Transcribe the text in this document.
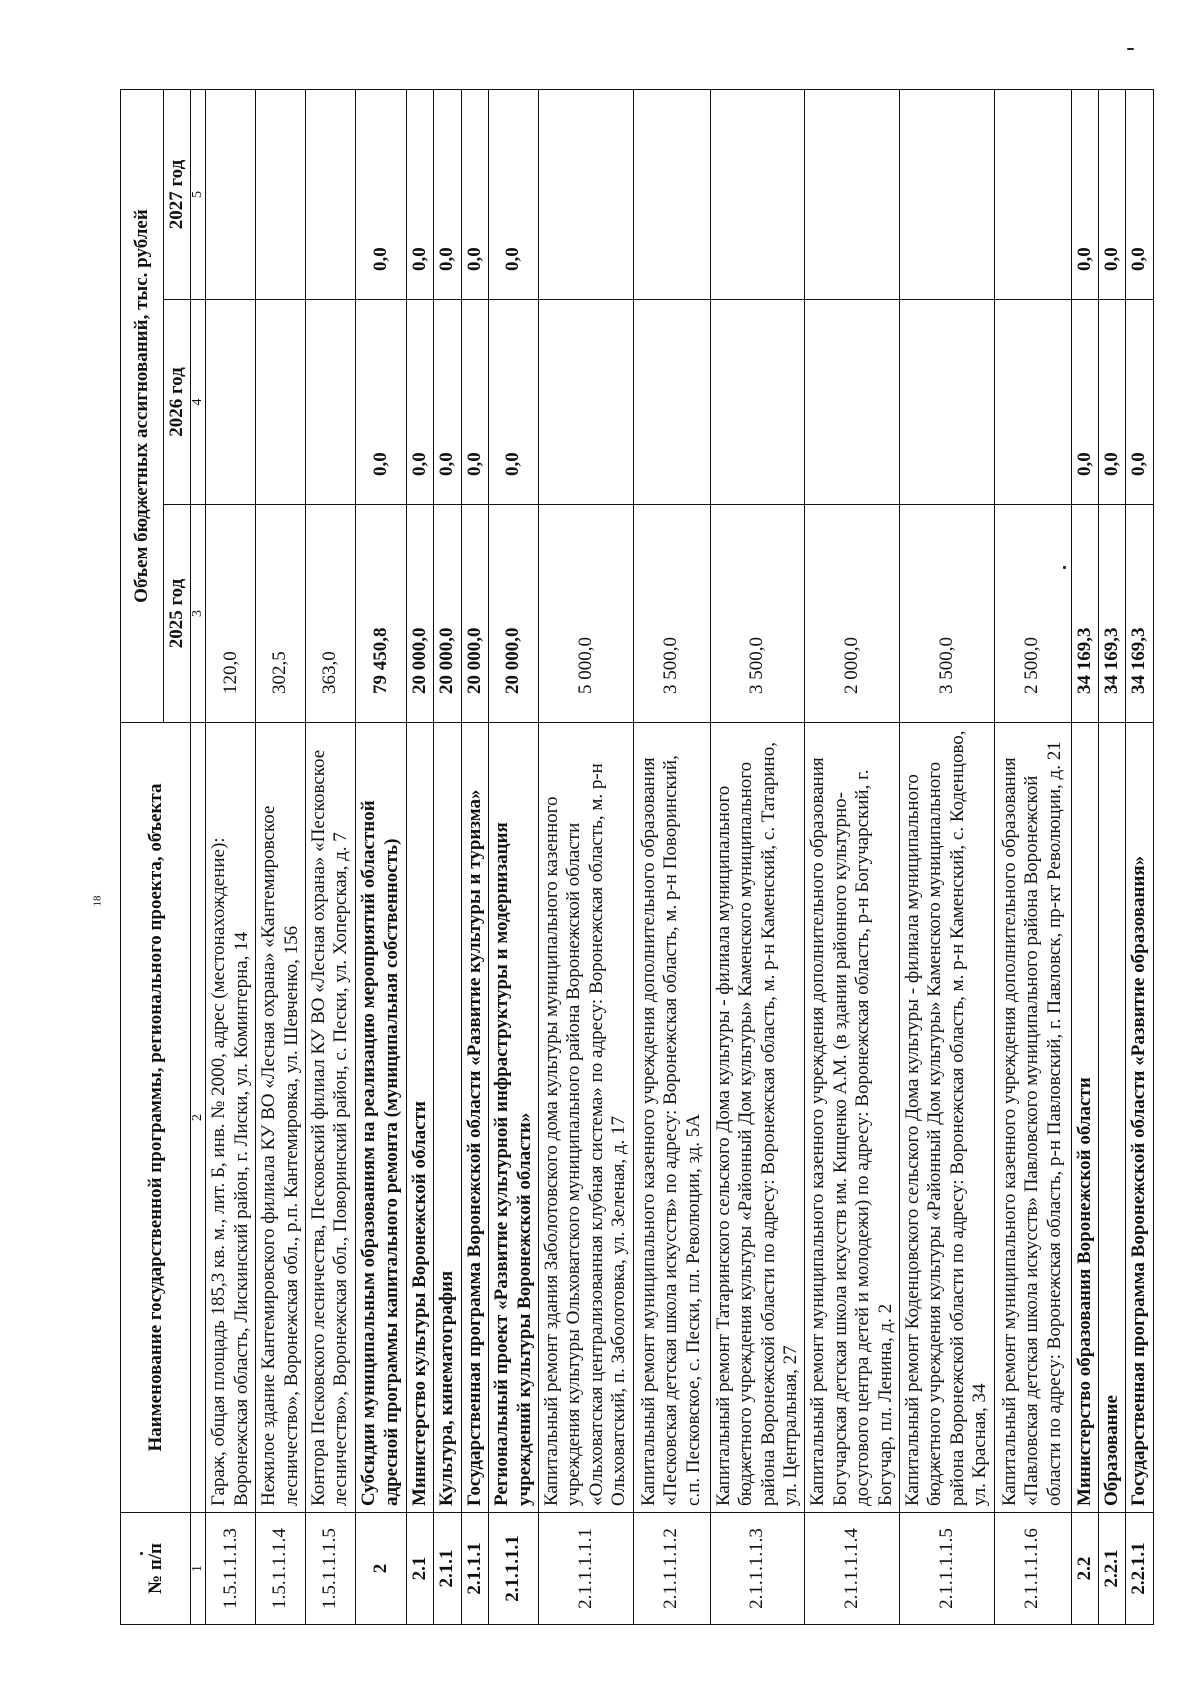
18
№ п/п	Наименование государственной программы, регионального проекта, объекта	Объем бюджетных ассигнований, тыс. рублей		
		2025 год	2026 год	2027 год
1	2	3	4	5
1.5.1.1.1.3	Гараж, общая площадь 185,3 кв. м., лит. Б, инв. № 2000, адрес (местонахождение): Воронежская область, Лискинский район, г. Лиски, ул. Коминтерна, 14	120,0		
1.5.1.1.1.4	Нежилое здание Кантемировского филиала КУ ВО «Лесная охрана» «Кантемировское лесничество», Воронежская обл., р.п. Кантемировка, ул. Шевченко, 156	302,5		
1.5.1.1.1.5	Контора Песковского лесничества, Песковский филиал КУ ВО «Лесная охрана» «Песковское лесничество», Воронежская обл., Поворинский район, с. Пески, ул. Хоперская, д. 7	363,0		
2	Субсидии муниципальным образованиям на реализацию мероприятий областной адресной программы капитального ремонта (муниципальная собственность)	79 450,8	0,0	0,0
2.1	Министерство культуры Воронежской области	20 000,0	0,0	0,0
2.1.1	Культура, кинематография	20 000,0	0,0	0,0
2.1.1.1	Государственная программа Воронежской области «Развитие культуры и туризма»	20 000,0	0,0	0,0
2.1.1.1.1	Региональный проект «Развитие культурной инфраструктуры и модернизация учреждений культуры Воронежской области»	20 000,0	0,0	0,0
2.1.1.1.1.1	Капитальный ремонт здания Заболотовского дома культуры муниципального казенного учреждения культуры Ольховатского муниципального района Воронежской области «Ольховатская централизованная клубная система» по адресу: Воронежская область, м. р-н Ольховатский, п. Заболотовка, ул. Зеленая, д. 17	5 000,0		
2.1.1.1.1.2	Капитальный ремонт муниципального казенного учреждения дополнительного образования «Песковская детская школа искусств» по адресу: Воронежская область, м. р-н Поворинский, с.п. Песковское, с. Пески, пл. Революции, зд. 5А	3 500,0		
2.1.1.1.1.3	Капитальный ремонт Татаринского сельского Дома культуры - филиала муниципального бюджетного учреждения культуры «Районный Дом культуры» Каменского муниципального района Воронежской области по адресу: Воронежская область, м. р-н Каменский, с. Татарино, ул. Центральная, 27	3 500,0		
2.1.1.1.1.4	Капитальный ремонт муниципального казенного учреждения дополнительного образования Богучарская детская школа искусств им. Кищенко А.М. (в здании районного культурно-досугового центра детей и молодежи) по адресу: Воронежская область, р-н Богучарский, г. Богучар, пл. Ленина, д. 2	2 000,0		
2.1.1.1.1.5	Капитальный ремонт Коденцовского сельского Дома культуры - филиала муниципального бюджетного учреждения культуры «Районный Дом культуры» Каменского муниципального района Воронежской области по адресу: Воронежская область, м. р-н Каменский, с. Коденцово, ул. Красная, 34	3 500,0		
2.1.1.1.1.6	Капитальный ремонт муниципального казенного учреждения дополнительного образования «Павловская детская школа искусств» Павловского муниципального района Воронежской области по адресу: Воронежская область, р-н Павловский, г. Павловск, пр-кт Революции, д. 21	2 500,0		
2.2	Министерство образования Воронежской области	34 169,3	0,0	0,0
2.2.1	Образование	34 169,3	0,0	0,0
2.2.1.1	Государственная программа Воронежской области «Развитие образования»	34 169,3	0,0	0,0
